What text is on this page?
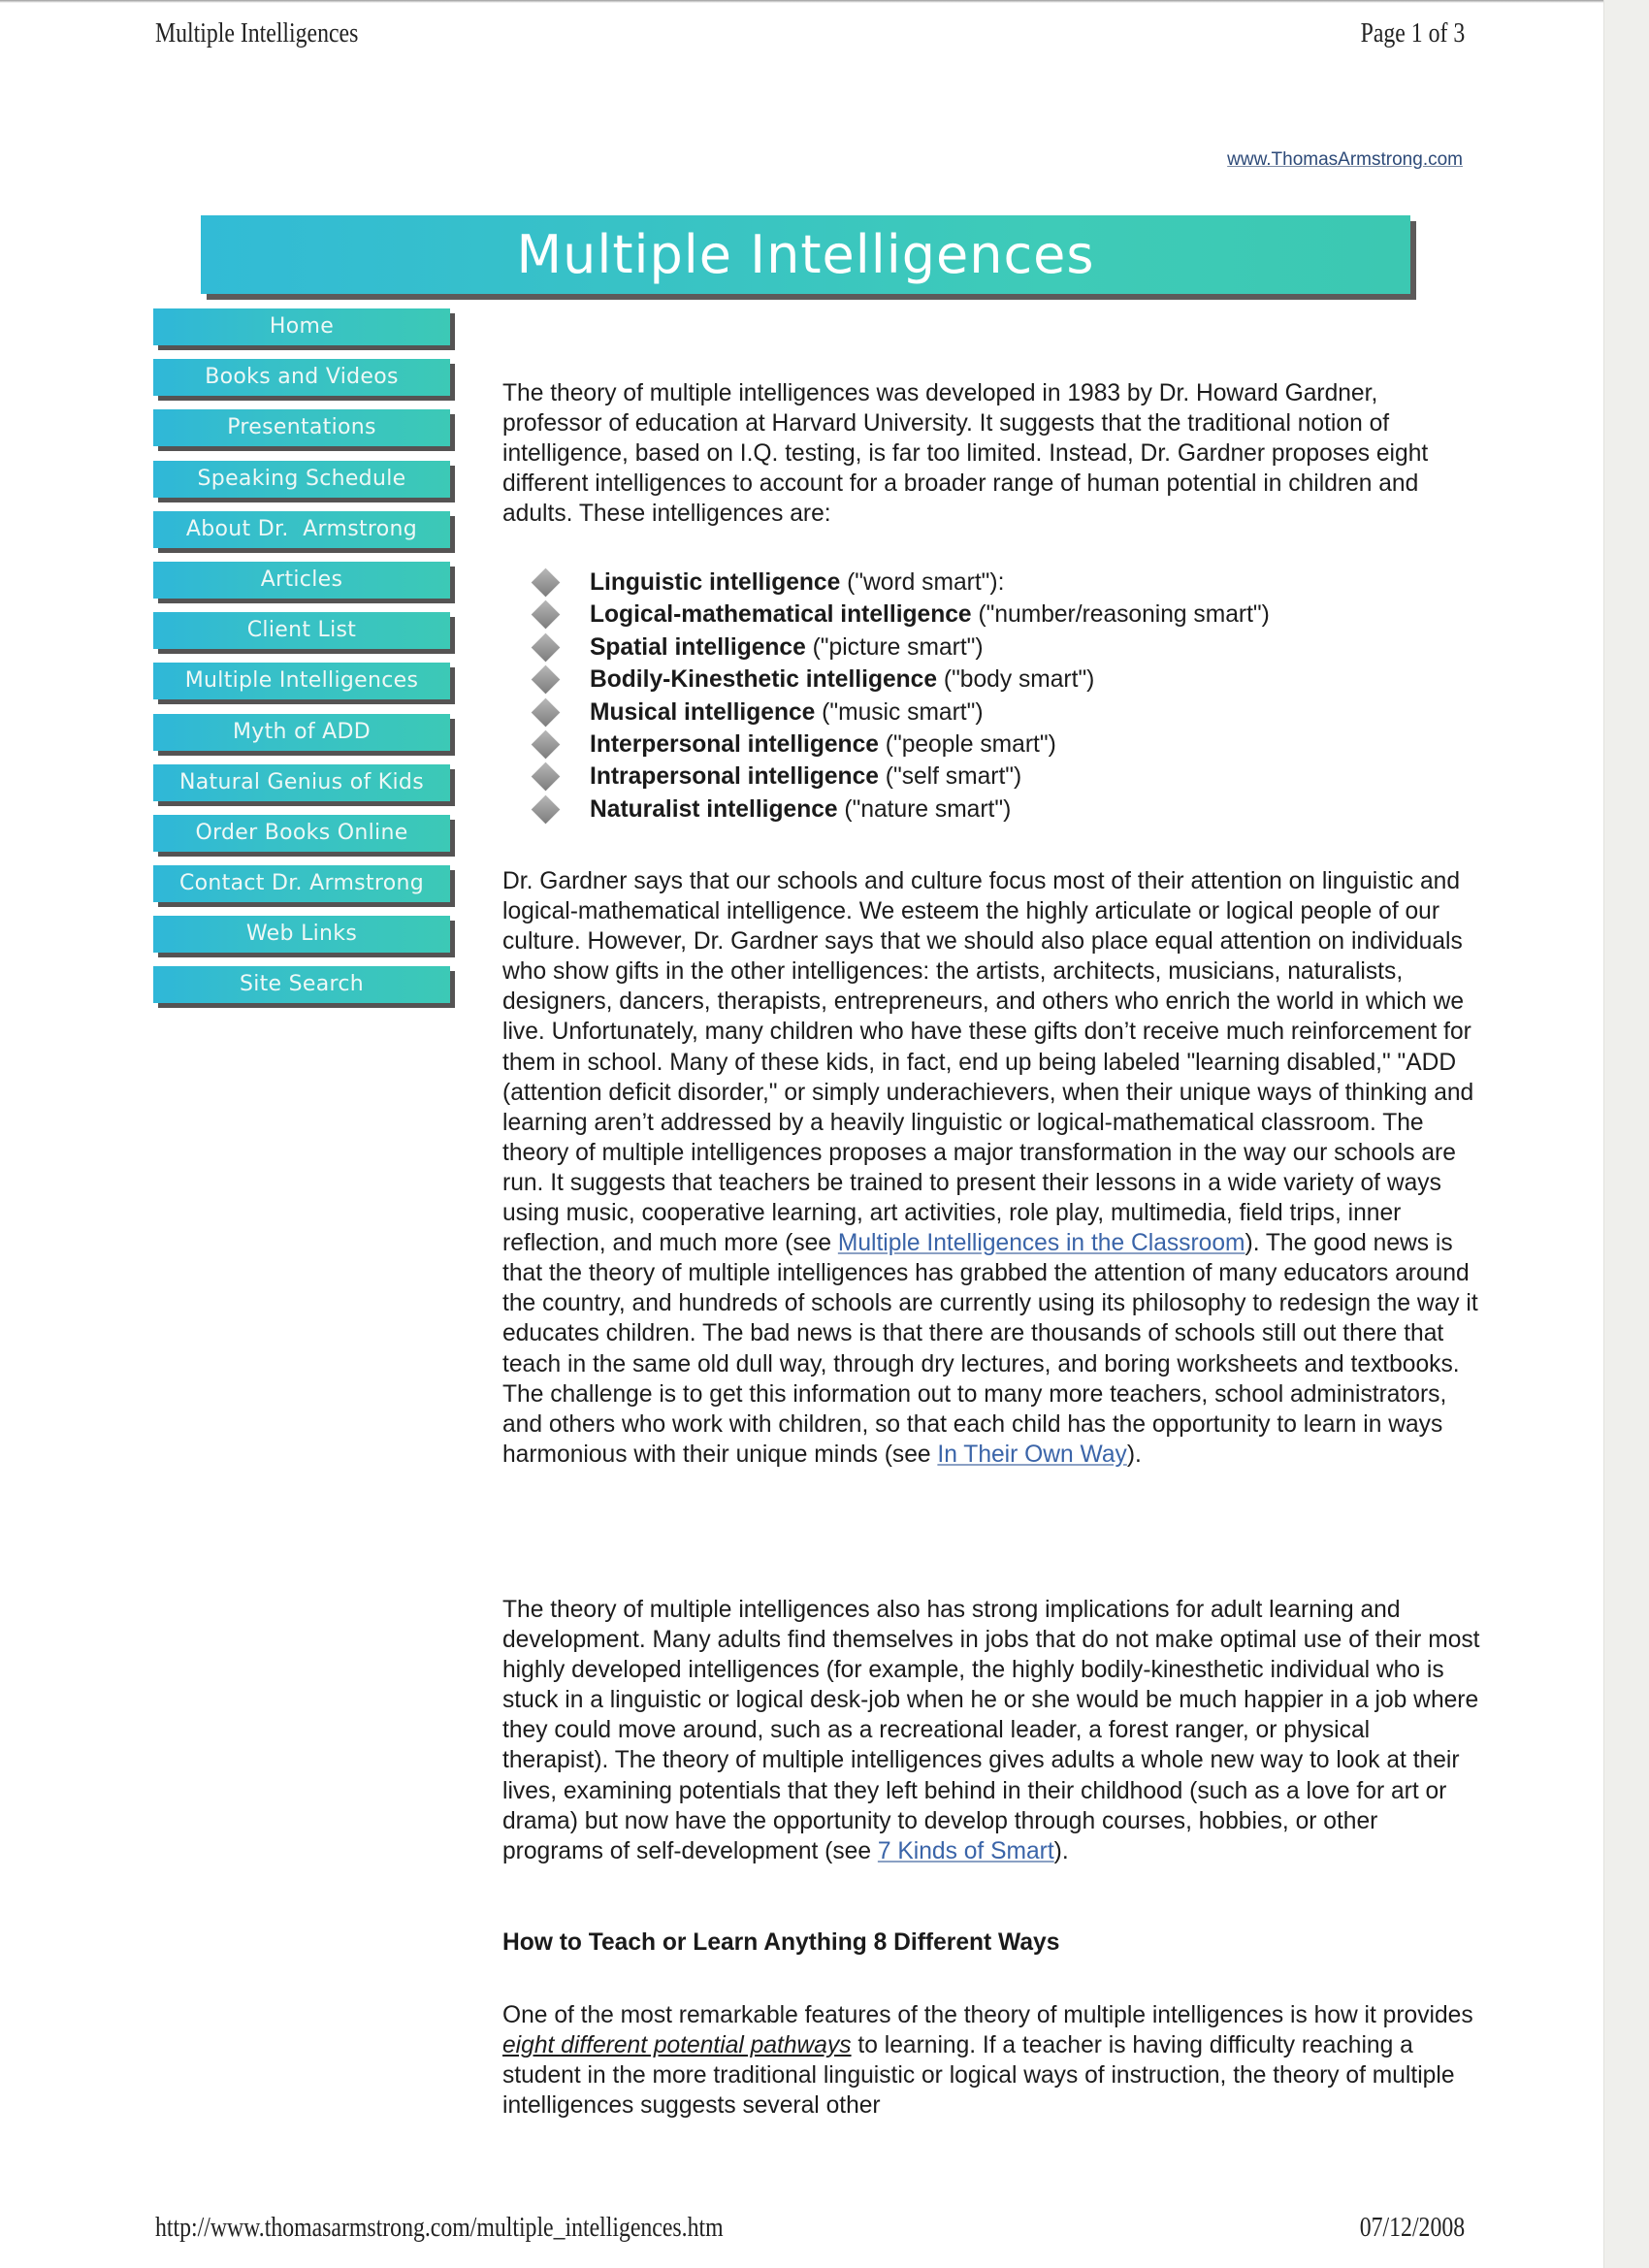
Multiple Intelligences	Page 1 of 3
www.ThomasArmstrong.com
Multiple Intelligences
Home
Books and Videos
Presentations
Speaking Schedule
About Dr.  Armstrong
Articles
Client List
Multiple Intelligences
Myth of ADD
Natural Genius of Kids
Order Books Online
Contact Dr. Armstrong
Web Links
Site Search

The theory of multiple intelligences was developed in 1983 by Dr. Howard Gardner, professor of education at Harvard University. It suggests that the traditional notion of intelligence, based on I.Q. testing, is far too limited. Instead, Dr. Gardner proposes eight different intelligences to account for a broader range of human potential in children and adults. These intelligences are:

Linguistic intelligence ("word smart"):
Logical-mathematical intelligence ("number/reasoning smart")
Spatial intelligence ("picture smart")
Bodily-Kinesthetic intelligence ("body smart")
Musical intelligence ("music smart")
Interpersonal intelligence ("people smart")
Intrapersonal intelligence ("self smart")
Naturalist intelligence ("nature smart")

Dr. Gardner says that our schools and culture focus most of their attention on linguistic and logical-mathematical intelligence. We esteem the highly articulate or logical people of our culture. However, Dr. Gardner says that we should also place equal attention on individuals who show gifts in the other intelligences: the artists, architects, musicians, naturalists, designers, dancers, therapists, entrepreneurs, and others who enrich the world in which we live. Unfortunately, many children who have these gifts don’t receive much reinforcement for them in school. Many of these kids, in fact, end up being labeled "learning disabled," "ADD (attention deficit disorder," or simply underachievers, when their unique ways of thinking and learning aren’t addressed by a heavily linguistic or logical-mathematical classroom. The theory of multiple intelligences proposes a major transformation in the way our schools are run. It suggests that teachers be trained to present their lessons in a wide variety of ways using music, cooperative learning, art activities, role play, multimedia, field trips, inner reflection, and much more (see Multiple Intelligences in the Classroom). The good news is that the theory of multiple intelligences has grabbed the attention of many educators around the country, and hundreds of schools are currently using its philosophy to redesign the way it educates children. The bad news is that there are thousands of schools still out there that teach in the same old dull way, through dry lectures, and boring worksheets and textbooks. The challenge is to get this information out to many more teachers, school administrators, and others who work with children, so that each child has the opportunity to learn in ways harmonious with their unique minds (see In Their Own Way).

The theory of multiple intelligences also has strong implications for adult learning and development. Many adults find themselves in jobs that do not make optimal use of their most highly developed intelligences (for example, the highly bodily-kinesthetic individual who is stuck in a linguistic or logical desk-job when he or she would be much happier in a job where they could move around, such as a recreational leader, a forest ranger, or physical therapist). The theory of multiple intelligences gives adults a whole new way to look at their lives, examining potentials that they left behind in their childhood (such as a love for art or drama) but now have the opportunity to develop through courses, hobbies, or other programs of self-development (see 7 Kinds of Smart).

How to Teach or Learn Anything 8 Different Ways

One of the most remarkable features of the theory of multiple intelligences is how it provides eight different potential pathways to learning. If a teacher is having difficulty reaching a student in the more traditional linguistic or logical ways of instruction, the theory of multiple intelligences suggests several other

http://www.thomasarmstrong.com/multiple_intelligences.htm	07/12/2008
